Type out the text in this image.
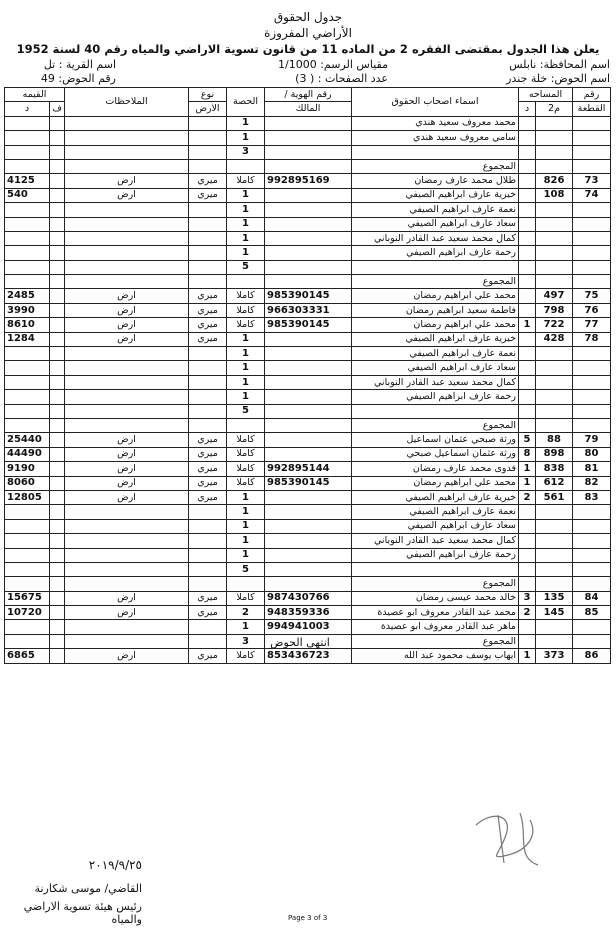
جدول الحقوق
الأراضي المفروزة
يعلن هذا الجدول بمقتضى الفقره 2 من الماده 11 من قانون تسوية الاراضي والمياه رقم 40 لسنة 1952
اسم المحافظة: نابلس
مقياس الرسم: 1/1000
اسم القرية : تل
اسم الحوض: خلة جندر
عدد الصفحات : ( 3)
رقم الحوض: 49
رقم	المساحه		اسماء اصحاب الحقوق	رقم الهوية /	الحصة	نوع	الملاحظات	القيمه	
القطعة	م2	د		المالك		الارض		ف	د
			محمد معروف سعيد هندي		1				
			سامي معروف سعيد هندي		1				
					3				
			المجموع						
73	826		طلال محمد عارف رمضان	992895169	كاملا	ميري	ارض		4125
74	108		خيرية عارف ابراهيم الصيفي		1	ميري	ارض		540
			نعمة عارف ابراهيم الصيفي		1				
			سعاد عارف ابراهيم الصيفي		1				
			كمال محمد سعيد عبد القادر النوباني		1				
			رحمة عارف ابراهيم الصيفي		1				
					5				
			المجموع						
75	497		محمد علي ابراهيم رمضان	985390145	كاملا	ميري	ارض		2485
76	798		فاطمة سعيد ابراهيم رمضان	966303331	كاملا	ميري	ارض		3990
77	722	1	محمد علي ابراهيم رمضان	985390145	كاملا	ميري	ارض		8610
78	428		خيرية عارف ابراهيم الصيفي		1	ميري	ارض		1284
			نعمة عارف ابراهيم الصيفي		1				
			سعاد عارف ابراهيم الصيفي		1				
			كمال محمد سعيد عبد القادر النوباني		1				
			رحمة عارف ابراهيم الصيفي		1				
					5				
			المجموع						
79	88	5	ورثة صبحي عثمان اسماعيل		كاملا	ميري	ارض		25440
80	898	8	ورثة عثمان اسماعيل صبحي		كاملا	ميري	ارض		44490
81	838	1	فدوى محمد عارف رمضان	992895144	كاملا	ميري	ارض		9190
82	612	1	محمد علي ابراهيم رمضان	985390145	كاملا	ميري	ارض		8060
83	561	2	خيرية عارف ابراهيم الصيفي		1	ميري	ارض		12805
			نعمة عارف ابراهيم الصيفي		1				
			سعاد عارف ابراهيم الصيفي		1				
			كمال محمد سعيد عبد القادر النوباني		1				
			رحمة عارف ابراهيم الصيفي		1				
					5				
			المجموع						
84	135	3	خالد محمد عيسى رمضان	987430766	كاملا	ميري	ارض		15675
85	145	2	محمد عبد القادر معروف ابو عصيدة	948359336	2	ميري	ارض		10720
			ماهر عبد القادر معروف ابو عصيدة	994941003	1				
			المجموع		3				
86	373	1	ايهاب يوسف محمود عبد الله	853436723	كاملا	ميري	ارض		6865
انتهى الحوض
٢٠١٩/٩/٢٥
القاضي/ موسى شكارنة
رئيس هيئة تسوية الاراضي والمياه	Page 3 of 3
